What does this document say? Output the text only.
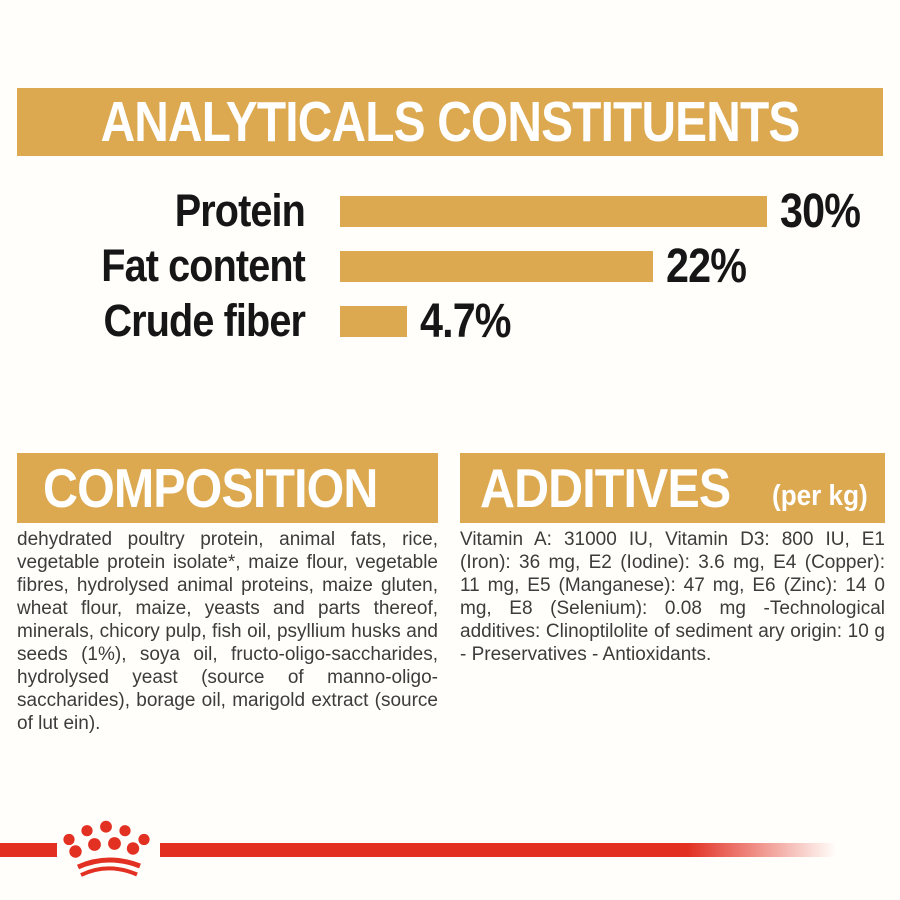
ANALYTICALS CONSTITUENTS
Protein	30%
Fat content	22%
Crude fiber 4.7%
COMPOSITION
dehydrated poultry protein, animal fats, rice, vegetable protein isolate*, maize flour, vegetable fibres, hydrolysed animal proteins, maize gluten, wheat flour, maize, yeasts and parts thereof, minerals, chicory pulp, fish oil, psyllium husks and seeds (1%), soya oil, fructo-oligo-saccharides, hydrolysed yeast (source of manno-oligo-saccharides), borage oil, marigold extract (source of lut ein).
ADDITIVES (per kg)
Vitamin A: 31000 IU, Vitamin D3: 800 IU, E1 (Iron): 36 mg, E2 (Iodine): 3.6 mg, E4 (Copper): 11 mg, E5 (Manganese): 47 mg, E6 (Zinc): 14 0 mg, E8 (Selenium): 0.08 mg -Technological additives: Clinoptilolite of sediment ary origin: 10 g - Preservatives - Antioxidants.
